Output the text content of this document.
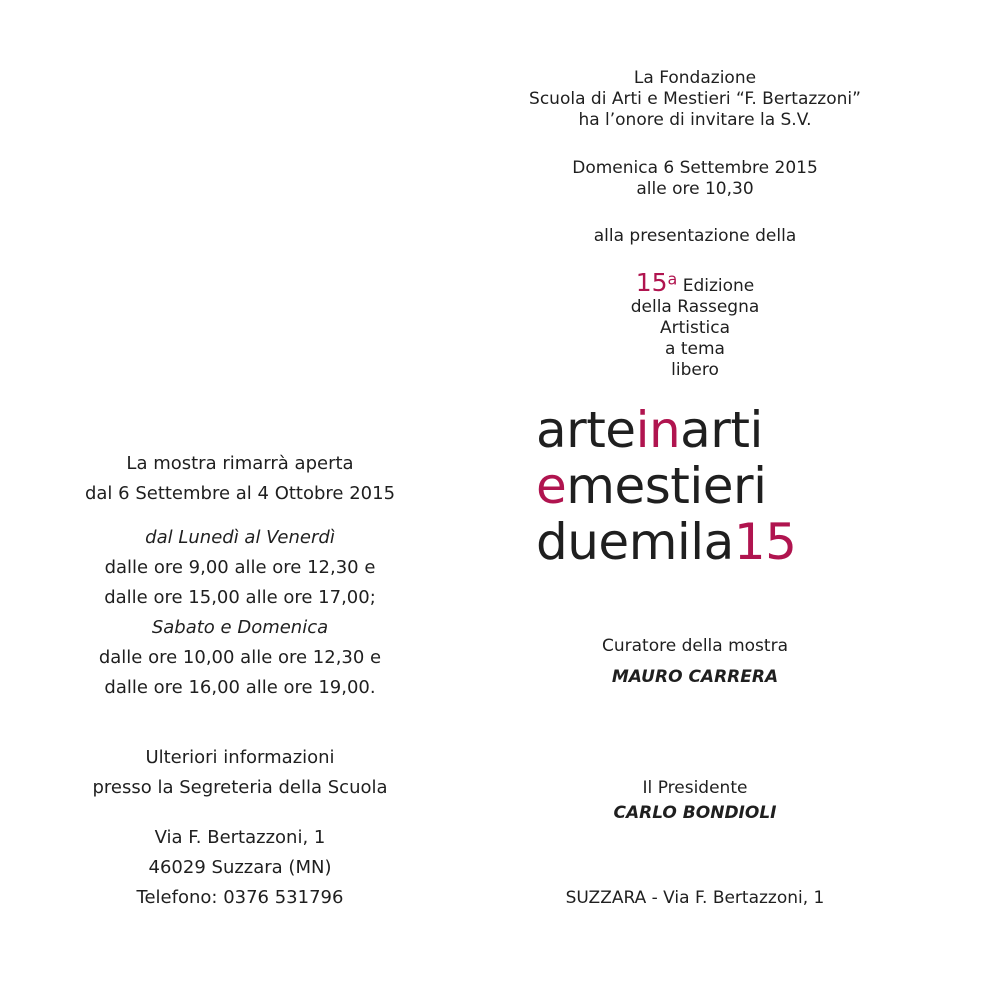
La Fondazione
Scuola di Arti e Mestieri “F. Bertazzoni”
ha l’onore di invitare la S.V.
Domenica 6 Settembre 2015
alle ore 10,30
alla presentazione della
15a Edizione
della Rassegna
Artistica
a tema
libero
arteinarti
emestieri
duemila15
Curatore della mostra
MAURO CARRERA
Il Presidente
CARLO BONDIOLI
SUZZARA - Via F. Bertazzoni, 1
La mostra rimarrà aperta
dal 6 Settembre al 4 Ottobre 2015
dal Lunedì al Venerdì
dalle ore 9,00 alle ore 12,30 e
dalle ore 15,00 alle ore 17,00;
Sabato e Domenica
dalle ore 10,00 alle ore 12,30 e
dalle ore 16,00 alle ore 19,00.
Ulteriori informazioni
presso la Segreteria della Scuola
Via F. Bertazzoni, 1
46029 Suzzara (MN)
Telefono: 0376 531796
